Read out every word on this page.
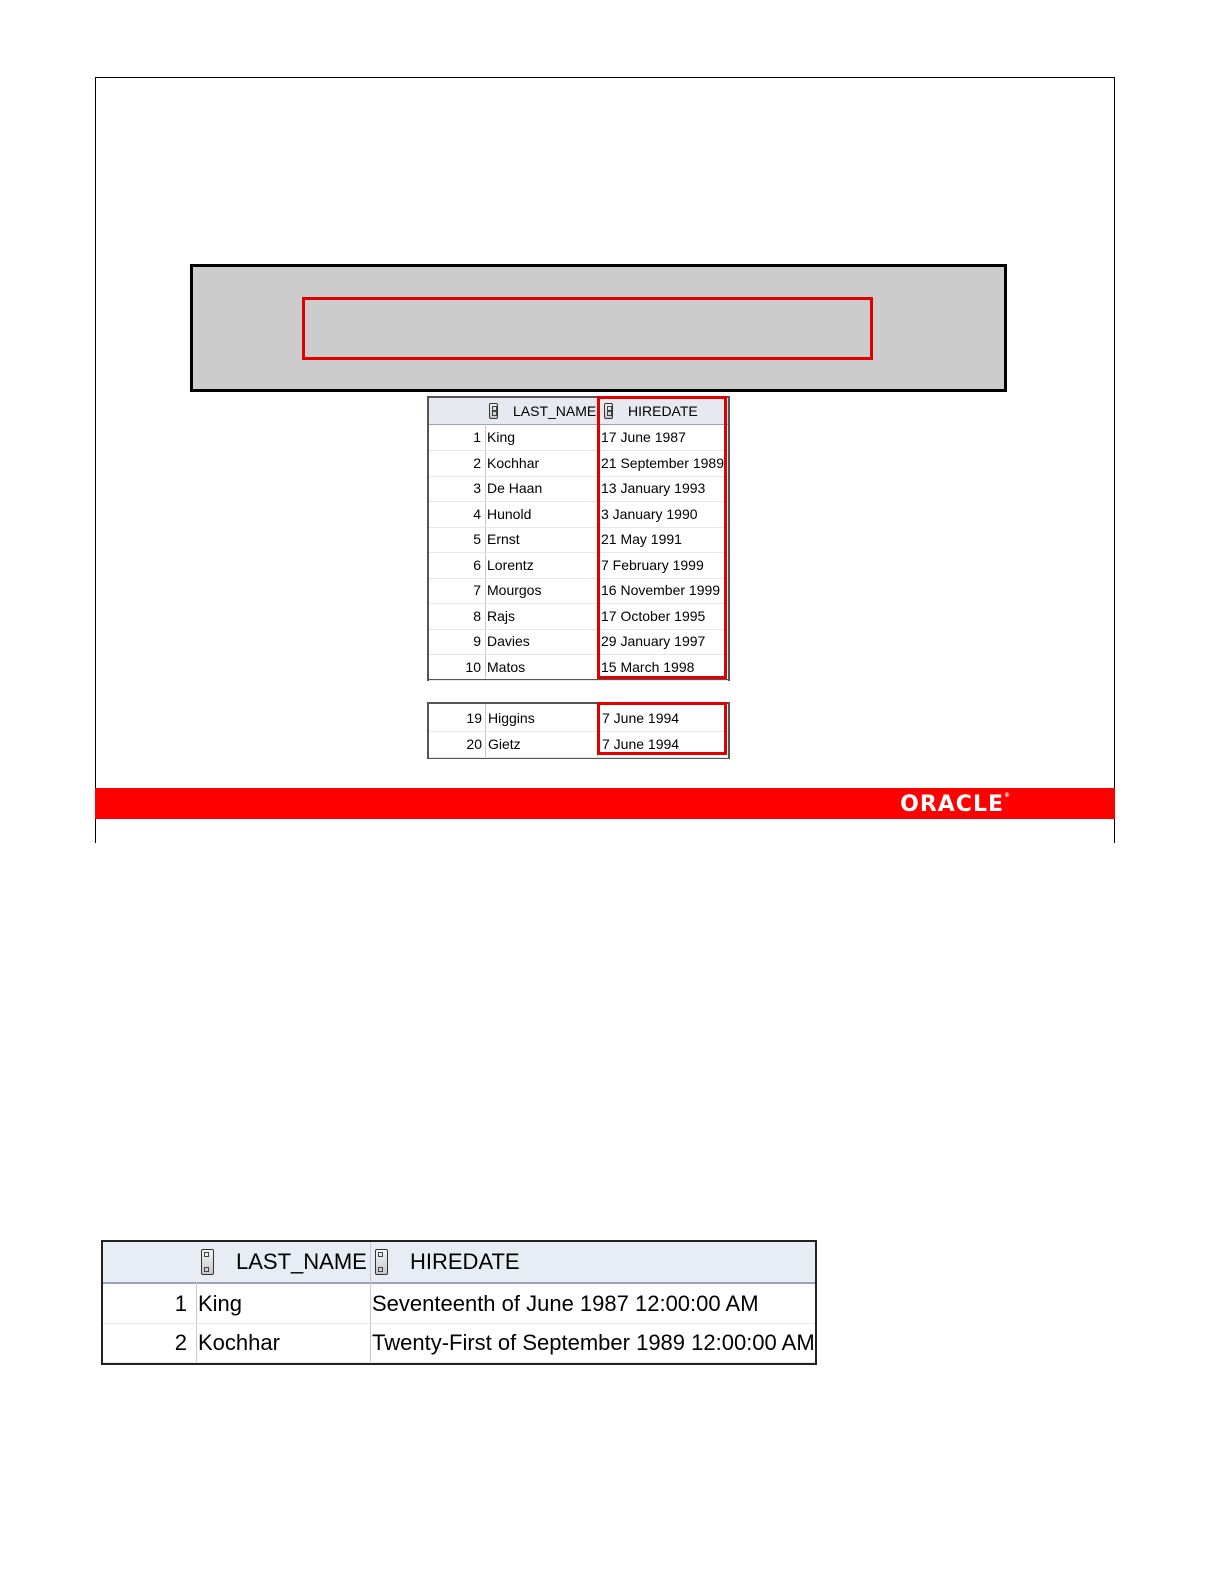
LAST_NAME HIREDATE
1 King	17 June 1987
2 Kochhar	21 September 1989
3 De Haan	13 January 1993
4 Hunold	3 January 1990
5 Ernst	21 May 1991
6 Lorentz	7 February 1999
7 Mourgos	16 November 1999
8 Rajs	17 October 1995
9 Davies	29 January 1997
10 Matos	15 March 1998
19 Higgins	7 June 1994
20 Gietz	7 June 1994
ORACLE®
LAST_NAME HIREDATE
1 King	Seventeenth of June 1987 12:00:00 AM
2 Kochhar	Twenty-First of September 1989 12:00:00 AM
